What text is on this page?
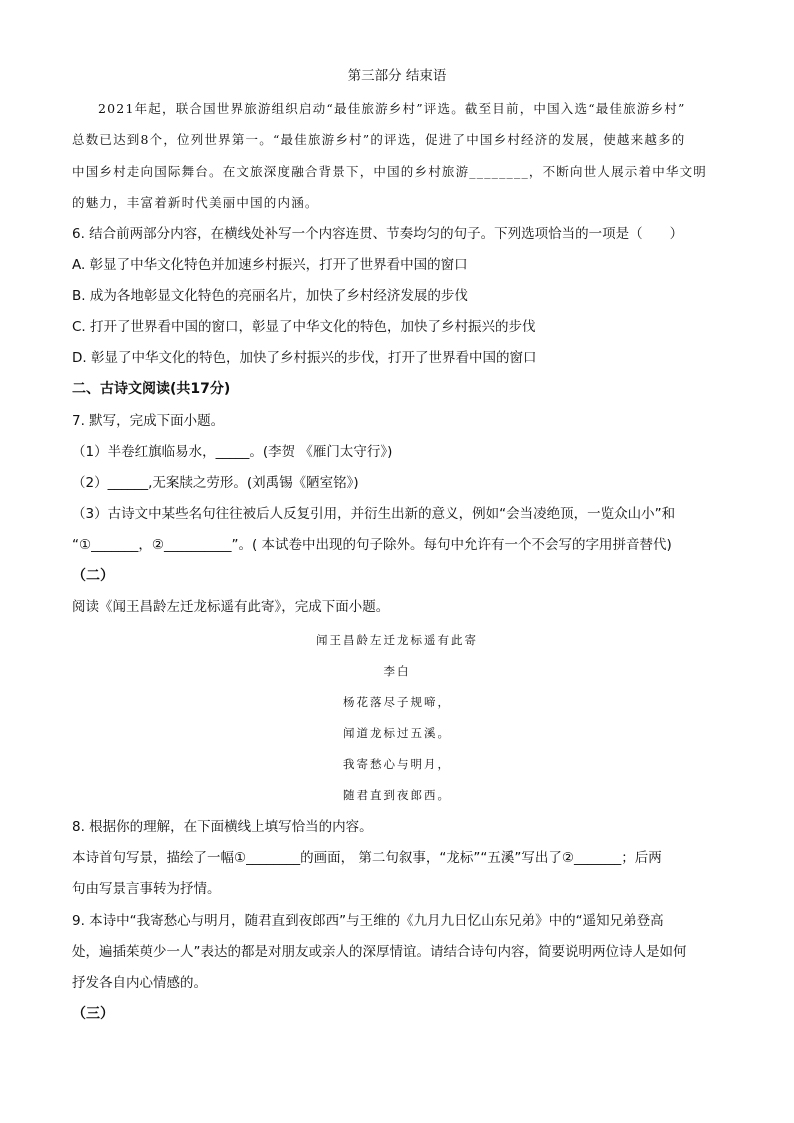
第三部分 结束语
2021年起，联合国世界旅游组织启动“最佳旅游乡村”评选。截至目前，中国入选“最佳旅游乡村”
总数已达到8个，位列世界第一。“最佳旅游乡村”的评选，促进了中国乡村经济的发展，使越来越多的
中国乡村走向国际舞台。在文旅深度融合背景下，中国的乡村旅游________，不断向世人展示着中华文明
的魅力，丰富着新时代美丽中国的内涵。
6. 结合前两部分内容，在横线处补写一个内容连贯、节奏均匀的句子。下列选项恰当的一项是（　　）
A. 彰显了中华文化特色并加速乡村振兴，打开了世界看中国的窗口
B. 成为各地彰显文化特色的亮丽名片，加快了乡村经济发展的步伐
C. 打开了世界看中国的窗口，彰显了中华文化的特色，加快了乡村振兴的步伐
D. 彰显了中华文化的特色，加快了乡村振兴的步伐，打开了世界看中国的窗口
二、古诗文阅读(共17分)
7. 默写，完成下面小题。
（1）半卷红旗临易水，_____。(李贺 《雁门太守行》)
（2）______,无案牍之劳形。(刘禹锡《陋室铭》)
（3）古诗文中某些名句往往被后人反复引用，并衍生出新的意义，例如“会当凌绝顶，一览众山小”和
“①_______，②__________”。( 本试卷中出现的句子除外。每句中允许有一个不会写的字用拼音替代)
（二）
阅读《闻王昌龄左迁龙标遥有此寄》，完成下面小题。
闻王昌龄左迁龙标遥有此寄
李白
杨花落尽子规啼，
闻道龙标过五溪。
我寄愁心与明月，
随君直到夜郎西。
8. 根据你的理解，在下面横线上填写恰当的内容。
本诗首句写景，描绘了一幅①________的画面， 第二句叙事，“龙标”“五溪”写出了②_______；后两
句由写景言事转为抒情。
9. 本诗中“我寄愁心与明月，随君直到夜郎西”与王维的《九月九日忆山东兄弟》中的“遥知兄弟登高
处，遍插茱萸少一人”表达的都是对朋友或亲人的深厚情谊。请结合诗句内容，简要说明两位诗人是如何
抒发各自内心情感的。
（三）
